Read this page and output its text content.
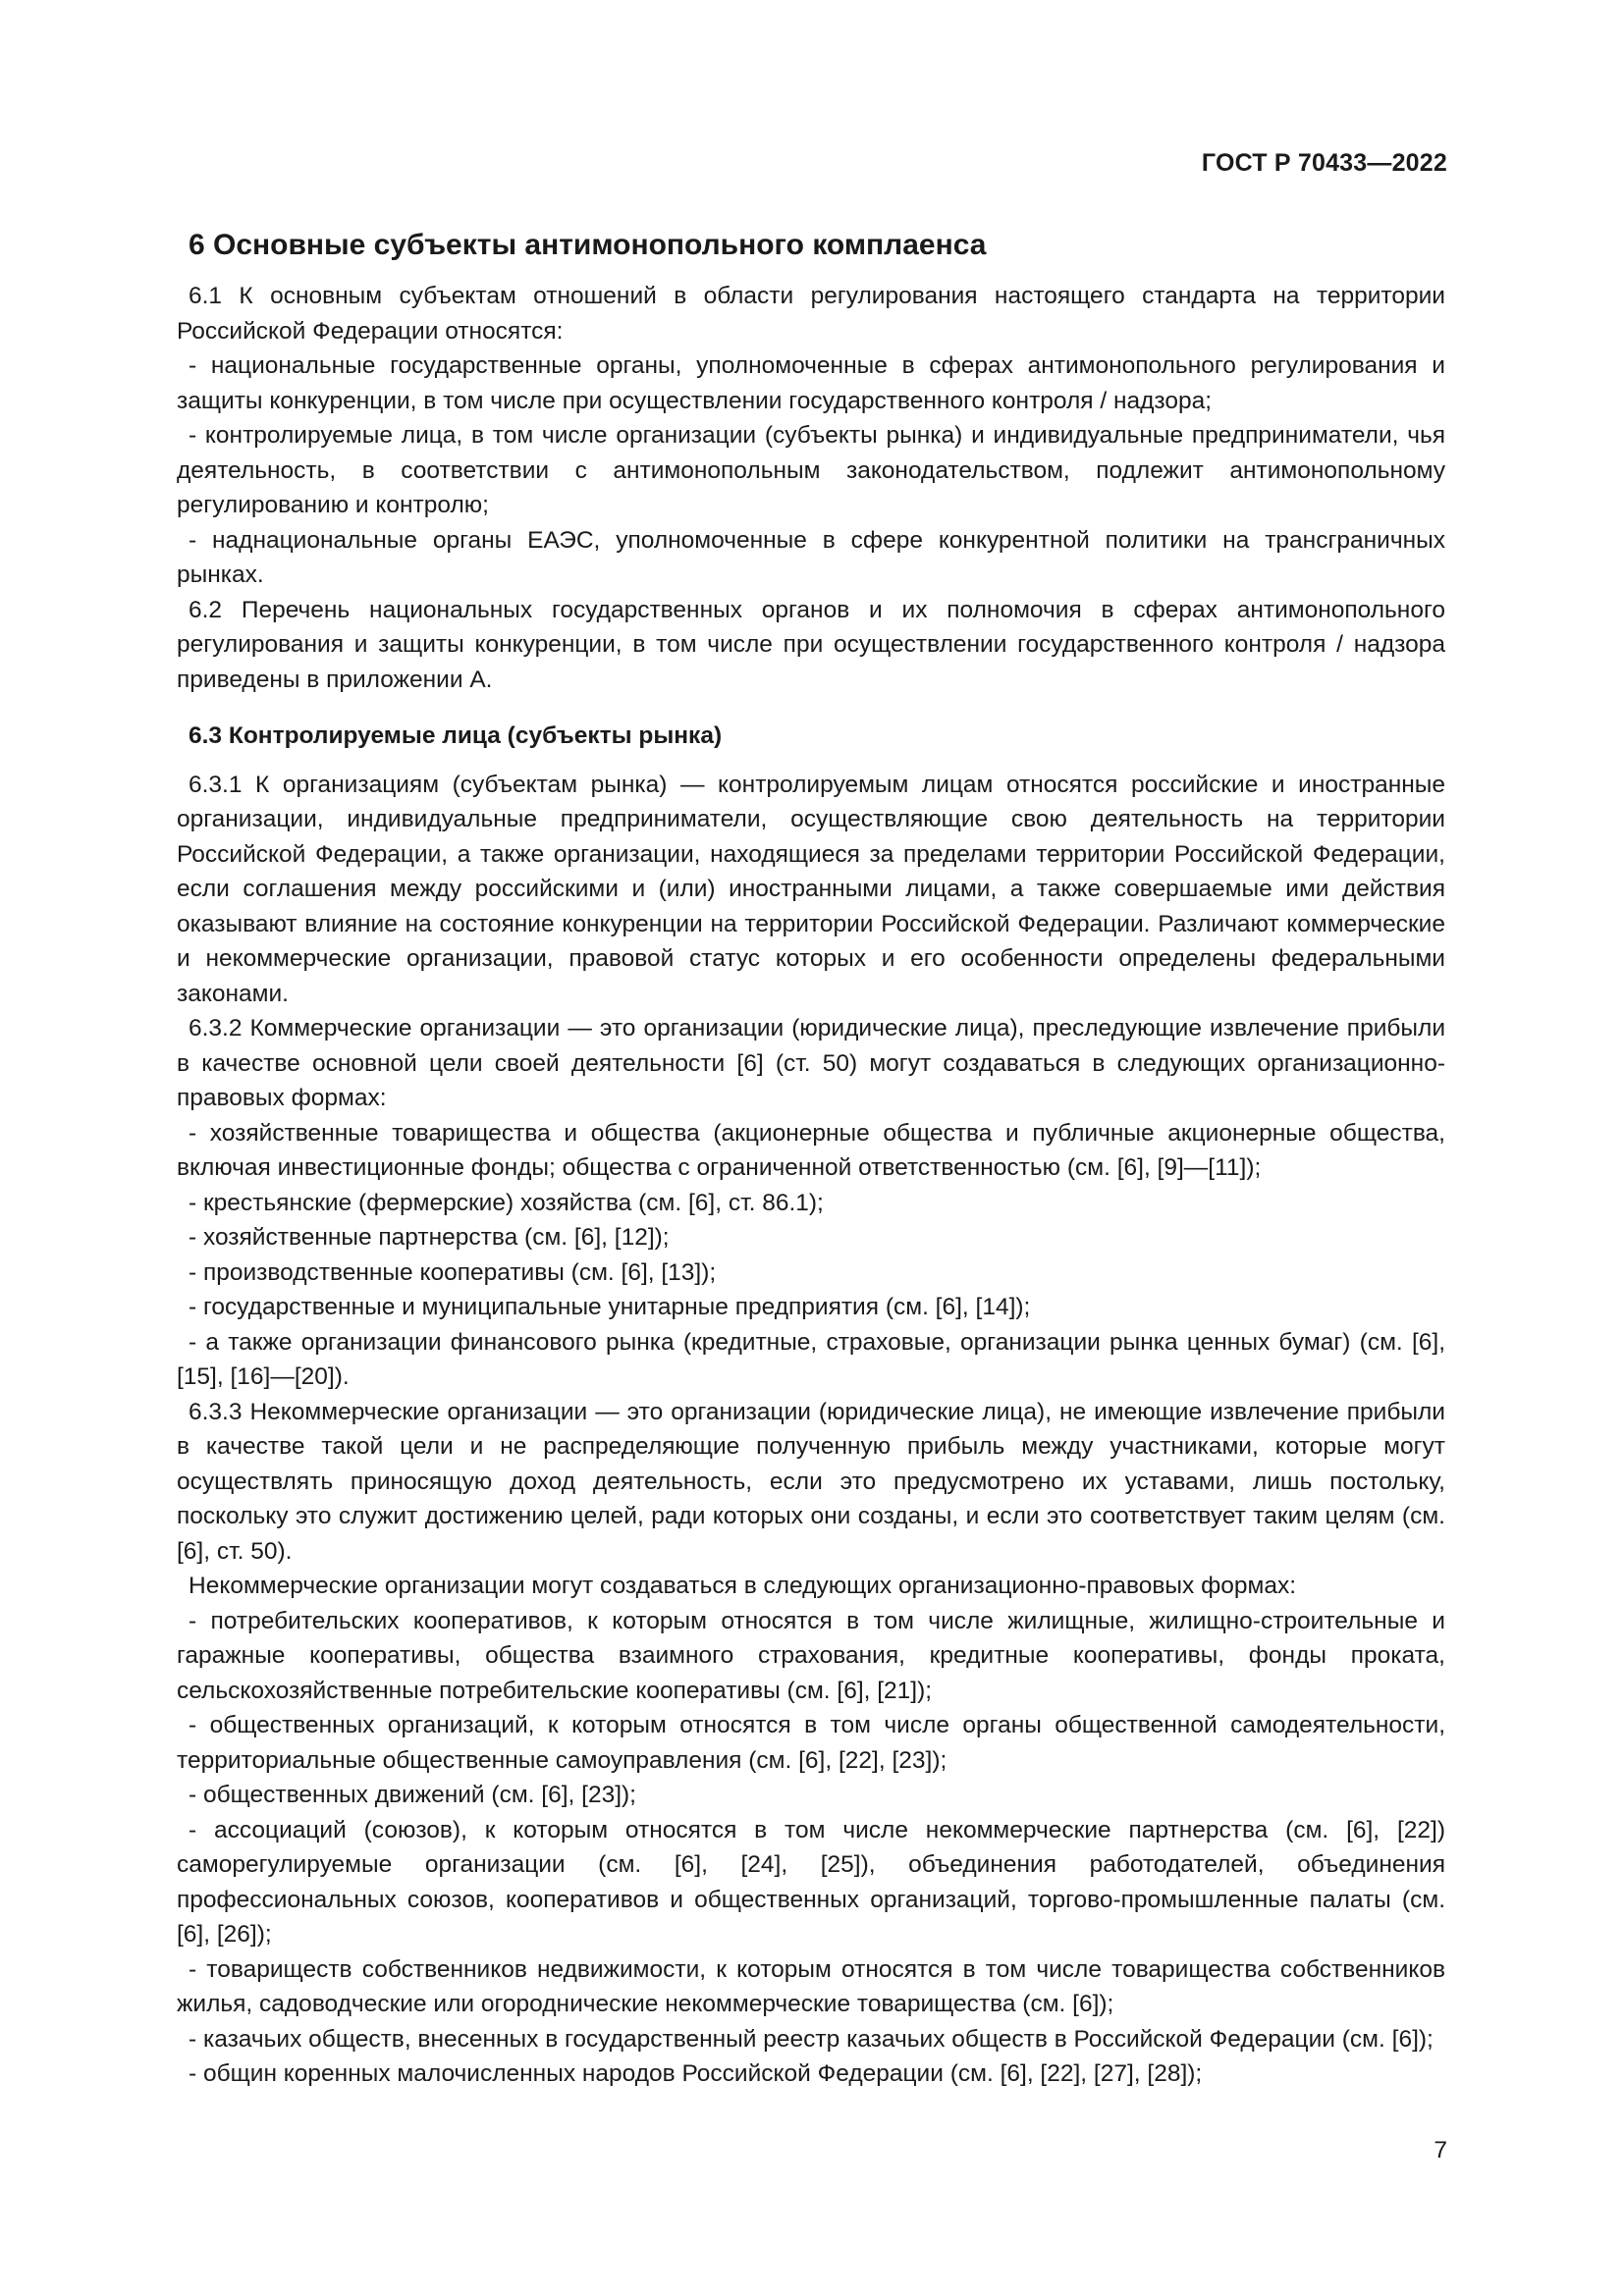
ГОСТ Р 70433—2022
6 Основные субъекты антимонопольного комплаенса

6.1 К основным субъектам отношений в области регулирования настоящего стандарта на территории Российской Федерации относятся:

- национальные государственные органы, уполномоченные в сферах антимонопольного регулирования и защиты конкуренции, в том числе при осуществлении государственного контроля / надзора;

- контролируемые лица, в том числе организации (субъекты рынка) и индивидуальные предприниматели, чья деятельность, в соответствии с антимонопольным законодательством, подлежит антимонопольному регулированию и контролю;

- наднациональные органы ЕАЭС, уполномоченные в сфере конкурентной политики на трансграничных рынках.

6.2 Перечень национальных государственных органов и их полномочия в сферах антимонопольного регулирования и защиты конкуренции, в том числе при осуществлении государственного контроля / надзора приведены в приложении А.

6.3 Контролируемые лица (субъекты рынка)

6.3.1 К организациям (субъектам рынка) — контролируемым лицам относятся российские и иностранные организации, индивидуальные предприниматели, осуществляющие свою деятельность на территории Российской Федерации, а также организации, находящиеся за пределами территории Российской Федерации, если соглашения между российскими и (или) иностранными лицами, а также совершаемые ими действия оказывают влияние на состояние конкуренции на территории Российской Федерации. Различают коммерческие и некоммерческие организации, правовой статус которых и его особенности определены федеральными законами.

6.3.2 Коммерческие организации — это организации (юридические лица), преследующие извлечение прибыли в качестве основной цели своей деятельности [6] (ст. 50) могут создаваться в следующих организационно-правовых формах:

- хозяйственные товарищества и общества (акционерные общества и публичные акционерные общества, включая инвестиционные фонды; общества с ограниченной ответственностью (см. [6], [9]—[11]);

- крестьянские (фермерские) хозяйства (см. [6], ст. 86.1);

- хозяйственные партнерства (см. [6], [12]);

- производственные кооперативы (см. [6], [13]);

- государственные и муниципальные унитарные предприятия (см. [6], [14]);

- а также организации финансового рынка (кредитные, страховые, организации рынка ценных бумаг) (см. [6], [15], [16]—[20]).

6.3.3 Некоммерческие организации — это организации (юридические лица), не имеющие извлечение прибыли в качестве такой цели и не распределяющие полученную прибыль между участниками, которые могут осуществлять приносящую доход деятельность, если это предусмотрено их уставами, лишь постольку, поскольку это служит достижению целей, ради которых они созданы, и если это соответствует таким целям (см. [6], ст. 50).

Некоммерческие организации могут создаваться в следующих организационно-правовых формах:

- потребительских кооперативов, к которым относятся в том числе жилищные, жилищно-строительные и гаражные кооперативы, общества взаимного страхования, кредитные кооперативы, фонды проката, сельскохозяйственные потребительские кооперативы (см. [6], [21]);

- общественных организаций, к которым относятся в том числе органы общественной самодеятельности, территориальные общественные самоуправления (см. [6], [22], [23]);

- общественных движений (см. [6], [23]);

- ассоциаций (союзов), к которым относятся в том числе некоммерческие партнерства (см. [6], [22]) саморегулируемые организации (см. [6], [24], [25]), объединения работодателей, объединения профессиональных союзов, кооперативов и общественных организаций, торгово-промышленные палаты (см. [6], [26]);

- товариществ собственников недвижимости, к которым относятся в том числе товарищества собственников жилья, садоводческие или огороднические некоммерческие товарищества (см. [6]);

- казачьих обществ, внесенных в государственный реестр казачьих обществ в Российской Федерации (см. [6]);

- общин коренных малочисленных народов Российской Федерации (см. [6], [22], [27], [28]);

7
